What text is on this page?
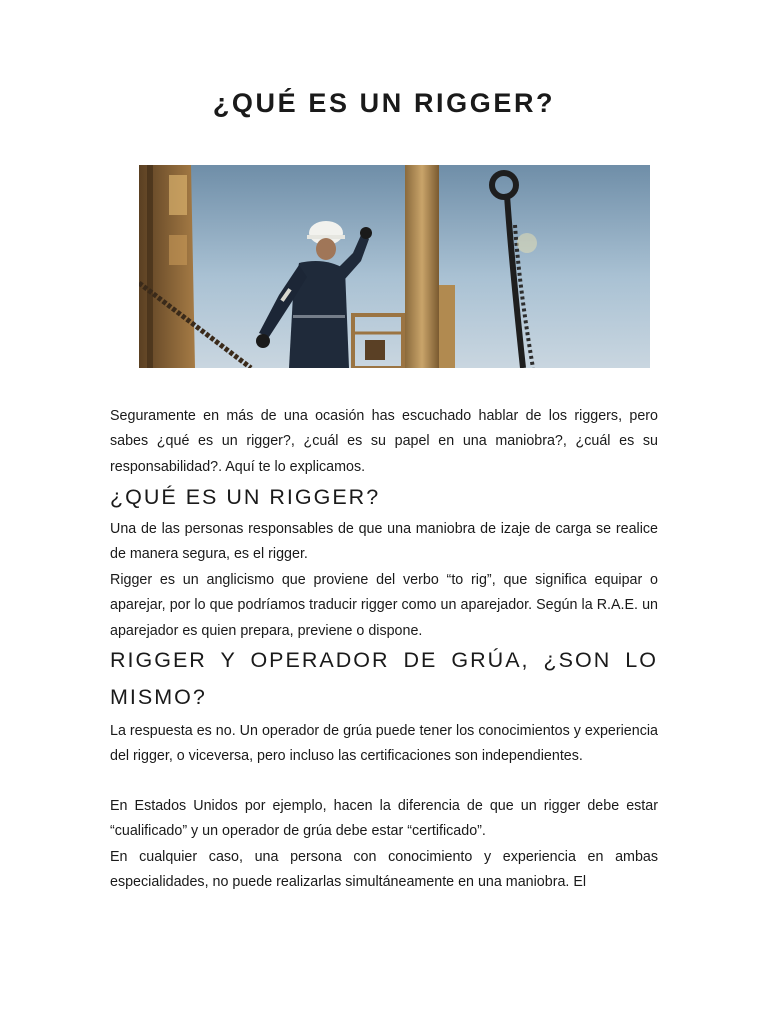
¿QUÉ ES UN RIGGER?

Seguramente en más de una ocasión has escuchado hablar de los riggers, pero sabes ¿qué es un rigger?, ¿cuál es su papel en una maniobra?, ¿cuál es su responsabilidad?. Aquí te lo explicamos.

¿QUÉ ES UN RIGGER?

Una de las personas responsables de que una maniobra de izaje de carga se realice de manera segura, es el rigger.

Rigger es un anglicismo que proviene del verbo “to rig”, que significa equipar o aparejar, por lo que podríamos traducir rigger como un aparejador. Según la R.A.E. un aparejador es quien prepara, previene o dispone.

RIGGER Y OPERADOR DE GRÚA, ¿SON LO MISMO?

La respuesta es no. Un operador de grúa puede tener los conocimientos y experiencia del rigger, o viceversa, pero incluso las certificaciones son independientes.

En Estados Unidos por ejemplo, hacen la diferencia de que un rigger debe estar “cualificado” y un operador de grúa debe estar “certificado”.

En cualquier caso, una persona con conocimiento y experiencia en ambas especialidades, no puede realizarlas simultáneamente en una maniobra. El
